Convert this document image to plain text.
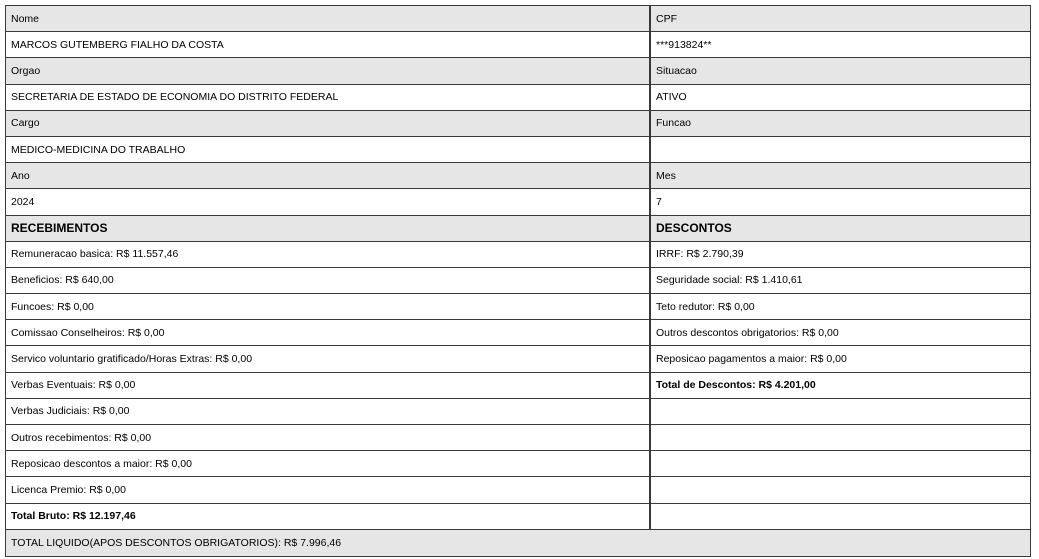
Nome	CPF
MARCOS GUTEMBERG FIALHO DA COSTA	***913824**
Orgao	Situacao
SECRETARIA DE ESTADO DE ECONOMIA DO DISTRITO FEDERAL	ATIVO
Cargo	Funcao
MEDICO-MEDICINA DO TRABALHO
Ano	Mes
2024	7
RECEBIMENTOS	DESCONTOS
Remuneracao basica: R$ 11.557,46	IRRF: R$ 2.790,39
Beneficios: R$ 640,00	Seguridade social: R$ 1.410,61
Funcoes: R$ 0,00	Teto redutor: R$ 0,00
Comissao Conselheiros: R$ 0,00	Outros descontos obrigatorios: R$ 0,00
Servico voluntario gratificado/Horas Extras: R$ 0,00	Reposicao pagamentos a maior: R$ 0,00
Verbas Eventuais: R$ 0,00	Total de Descontos: R$ 4.201,00
Verbas Judiciais: R$ 0,00
Outros recebimentos: R$ 0,00
Reposicao descontos a maior: R$ 0,00
Licenca Premio: R$ 0,00
Total Bruto: R$ 12.197,46
TOTAL LIQUIDO(APOS DESCONTOS OBRIGATORIOS): R$ 7.996,46
